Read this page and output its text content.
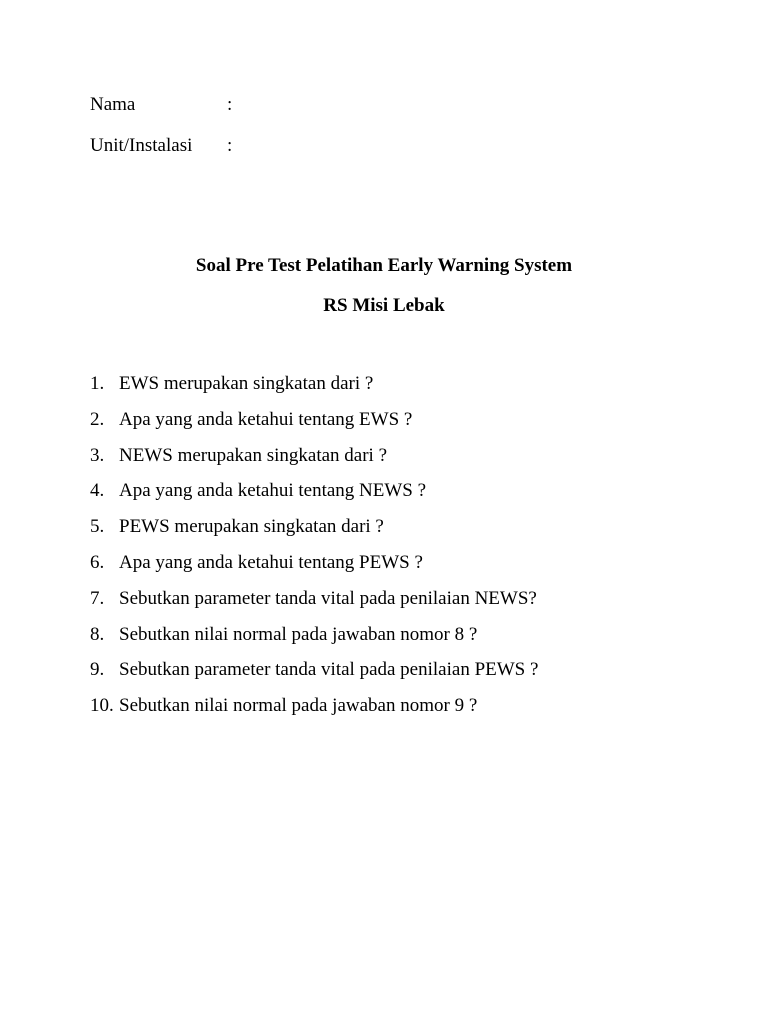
Nama	:
Unit/Instalasi	:
Soal Pre Test Pelatihan Early Warning System
RS Misi Lebak
1. EWS merupakan singkatan dari ?
2. Apa yang anda ketahui tentang EWS ?
3. NEWS merupakan singkatan dari ?
4. Apa yang anda ketahui tentang NEWS ?
5. PEWS merupakan singkatan dari ?
6. Apa yang anda ketahui tentang PEWS ?
7. Sebutkan parameter tanda vital pada penilaian NEWS?
8. Sebutkan nilai normal pada jawaban nomor 8 ?
9. Sebutkan parameter tanda vital pada penilaian PEWS ?
10. Sebutkan nilai normal pada jawaban nomor 9 ?
